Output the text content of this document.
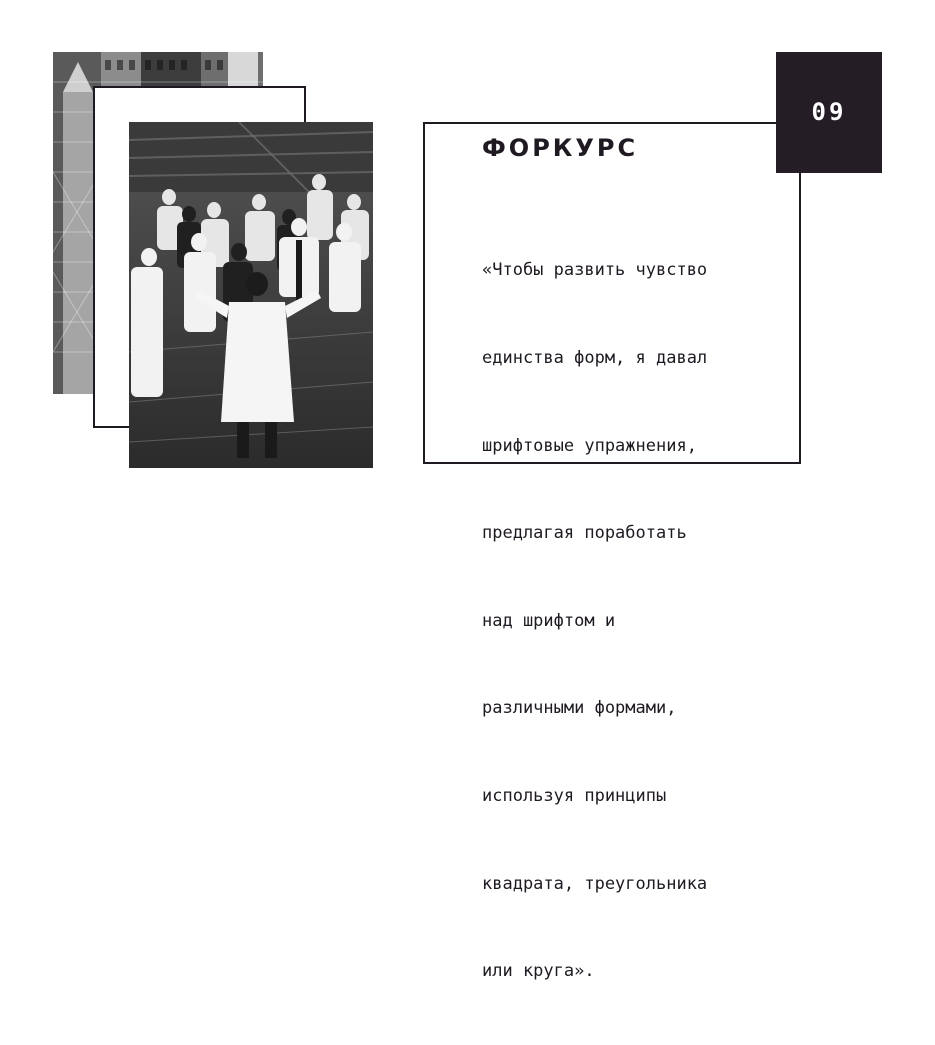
ФОРКУРС

«Чтобы развить чувство

единства форм, я давал

шрифтовые упражнения,

предлагая поработать

над шрифтом и

различными формами,

используя принципы

квадрата, треугольника

или круга».

09
